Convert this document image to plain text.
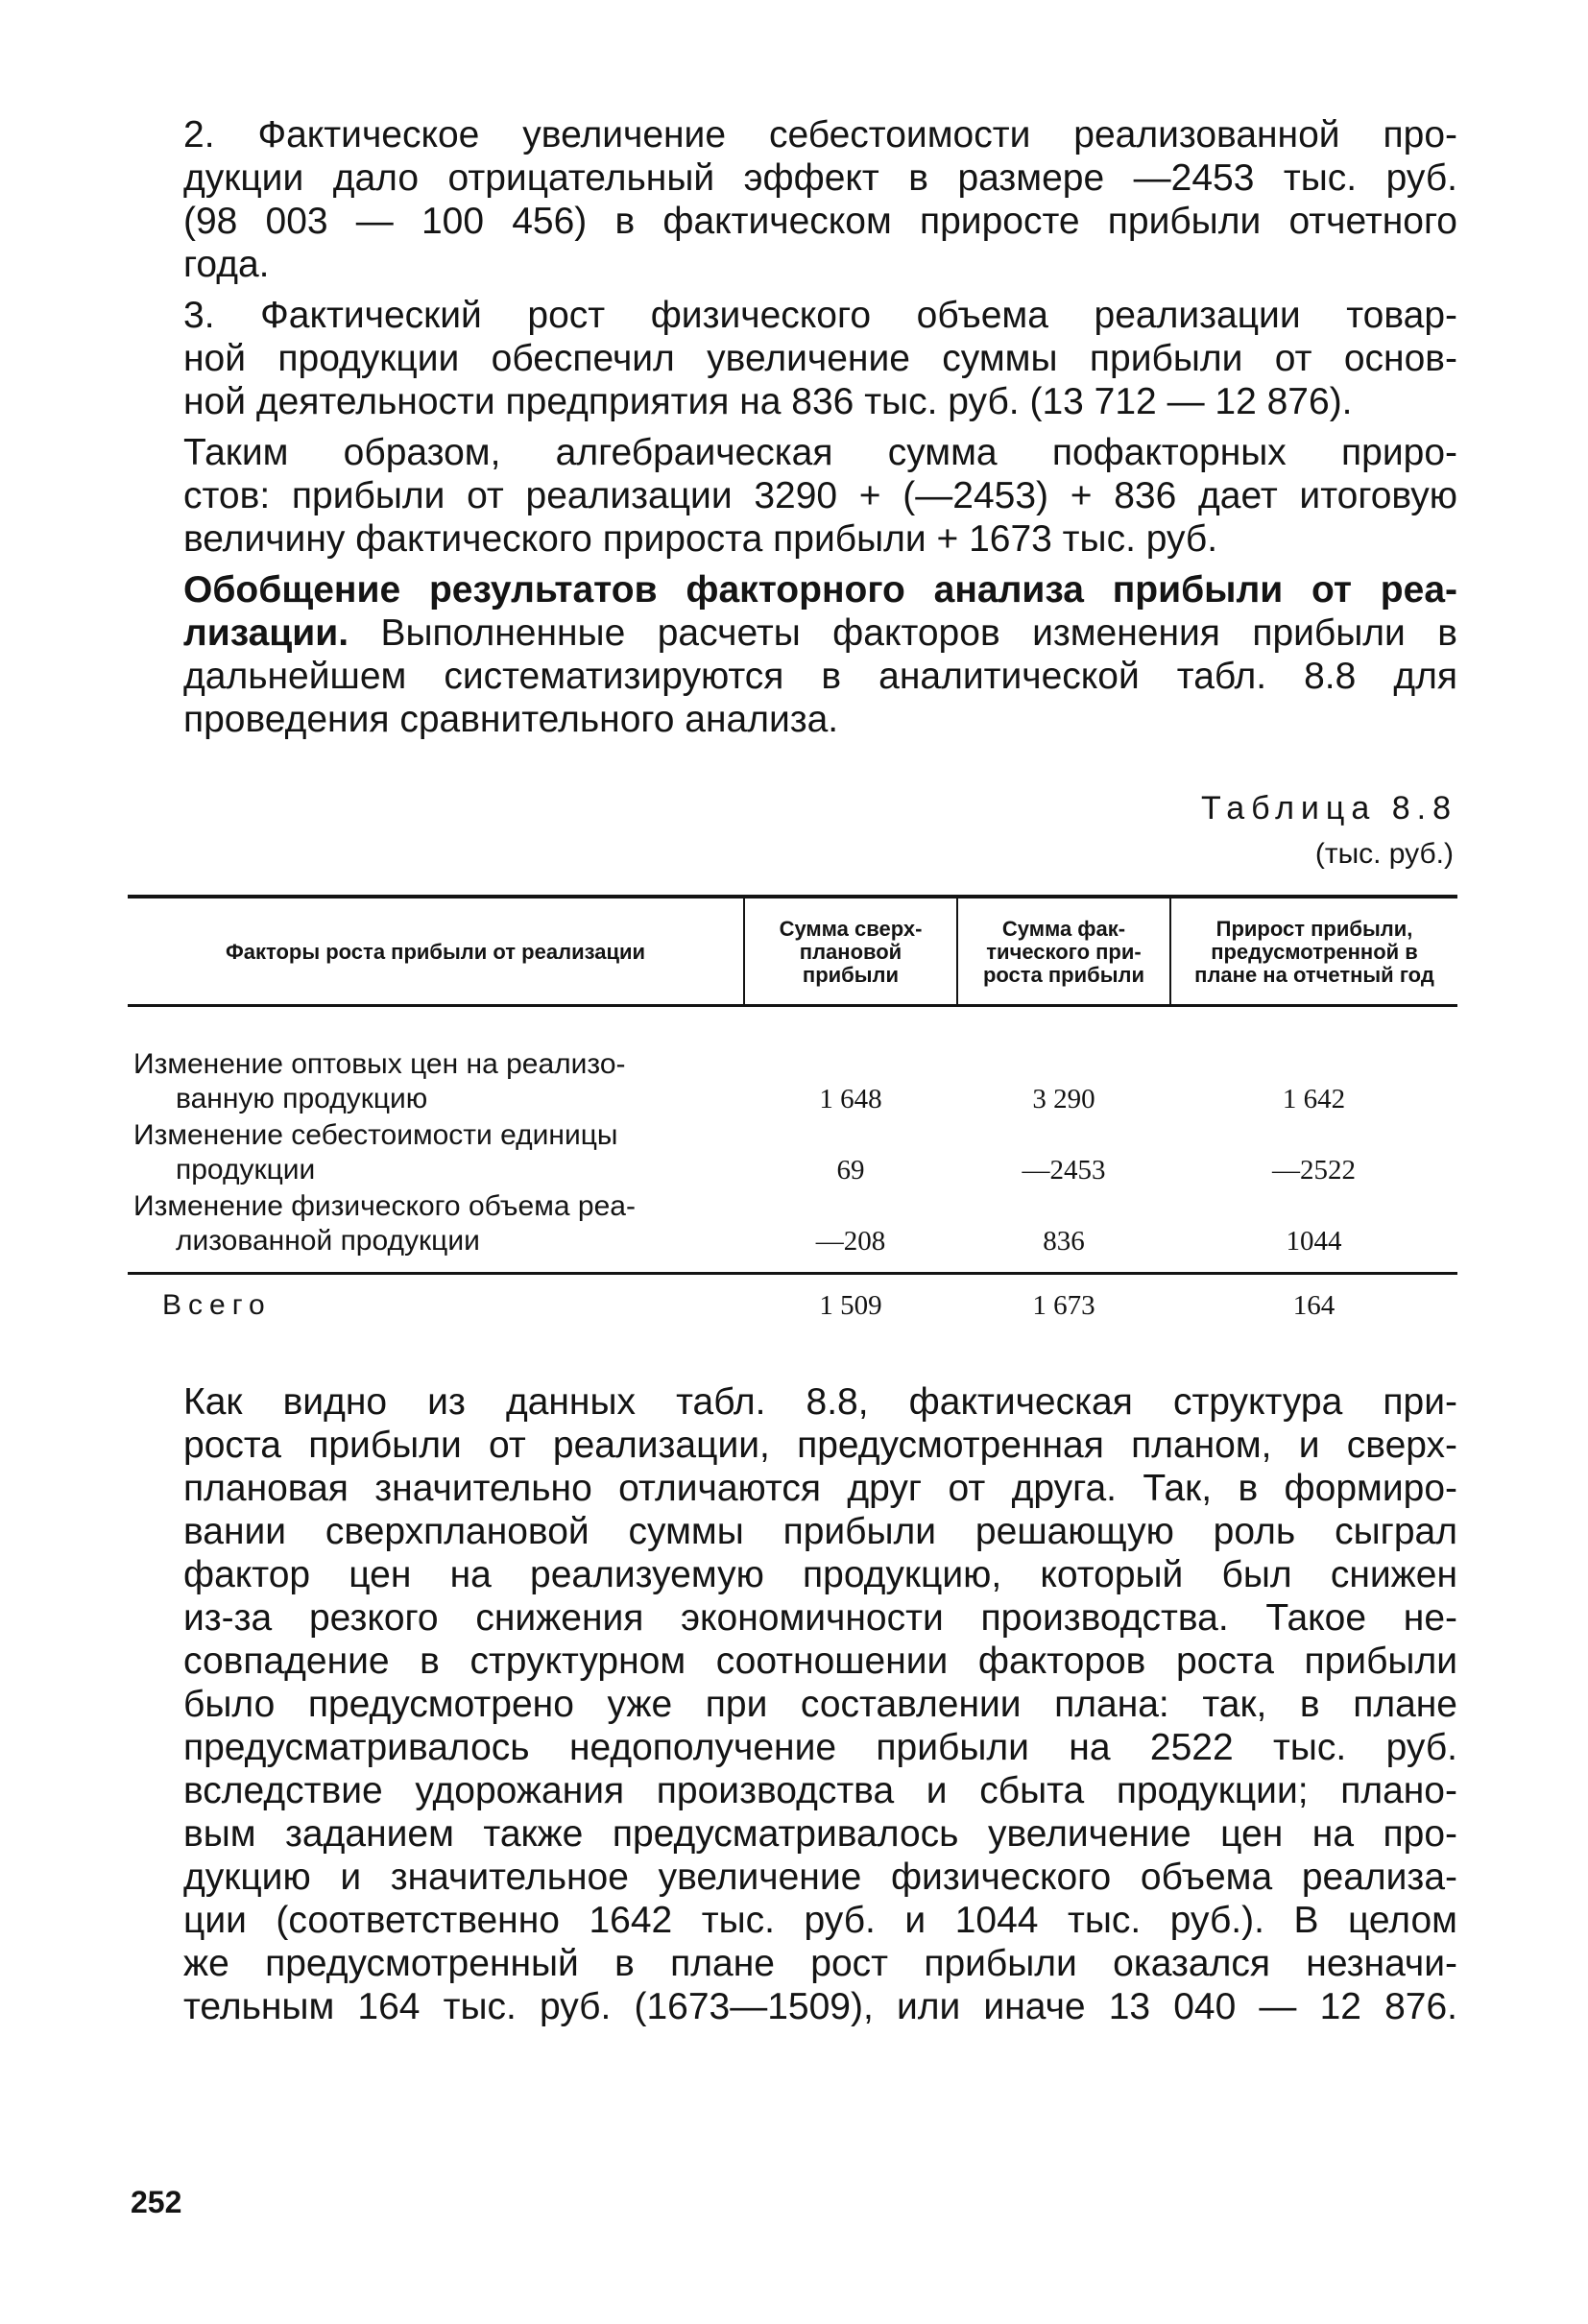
2. Фактическое увеличение себестоимости реализованной про-
дукции дало отрицательный эффект в размере —2453 тыс. руб.
(98 003 — 100 456) в фактическом приросте прибыли отчетного
года.

3. Фактический рост физического объема реализации товар-
ной продукции обеспечил увеличение суммы прибыли от основ-
ной деятельности предприятия на 836 тыс. руб. (13 712 — 12 876).

Таким образом, алгебраическая сумма пофакторных приро-
стов: прибыли от реализации 3290 + (—2453) + 836 дает итоговую
величину фактического прироста прибыли + 1673 тыс. руб.

Обобщение результатов факторного анализа прибыли от реа-
лизации. Выполненные расчеты факторов изменения прибыли в
дальнейшем систематизируются в аналитической табл. 8.8 для
проведения сравнительного анализа.

Таблица 8.8
(тыс. руб.)
Факторы роста прибыли от реализации	Сумма сверх-плановой прибыли	Сумма фак-тического при-роста прибыли	Прирост прибыли, предусмотренной в плане на отчетный год
Изменение оптовых цен на реализо-
ванную продукцию	1 648	3 290	1 642
Изменение себестоимости единицы
продукции	69	—2453	—2522
Изменение физического объема реа-
лизованной продукции	—208	836	1044
Всего	1 509	1 673	164

Как видно из данных табл. 8.8, фактическая структура при-
роста прибыли от реализации, предусмотренная планом, и сверх-
плановая значительно отличаются друг от друга. Так, в формиро-
вании сверхплановой суммы прибыли решающую роль сыграл
фактор цен на реализуемую продукцию, который был снижен
из-за резкого снижения экономичности производства. Такое не-
совпадение в структурном соотношении факторов роста прибыли
было предусмотрено уже при составлении плана: так, в плане
предусматривалось недополучение прибыли на 2522 тыс. руб.
вследствие удорожания производства и сбыта продукции; плано-
вым заданием также предусматривалось увеличение цен на про-
дукцию и значительное увеличение физического объема реализа-
ции (соответственно 1642 тыс. руб. и 1044 тыс. руб.). В целом
же предусмотренный в плане рост прибыли оказался незначи-
тельным 164 тыс. руб. (1673—1509), или иначе 13 040 — 12 876.

252
